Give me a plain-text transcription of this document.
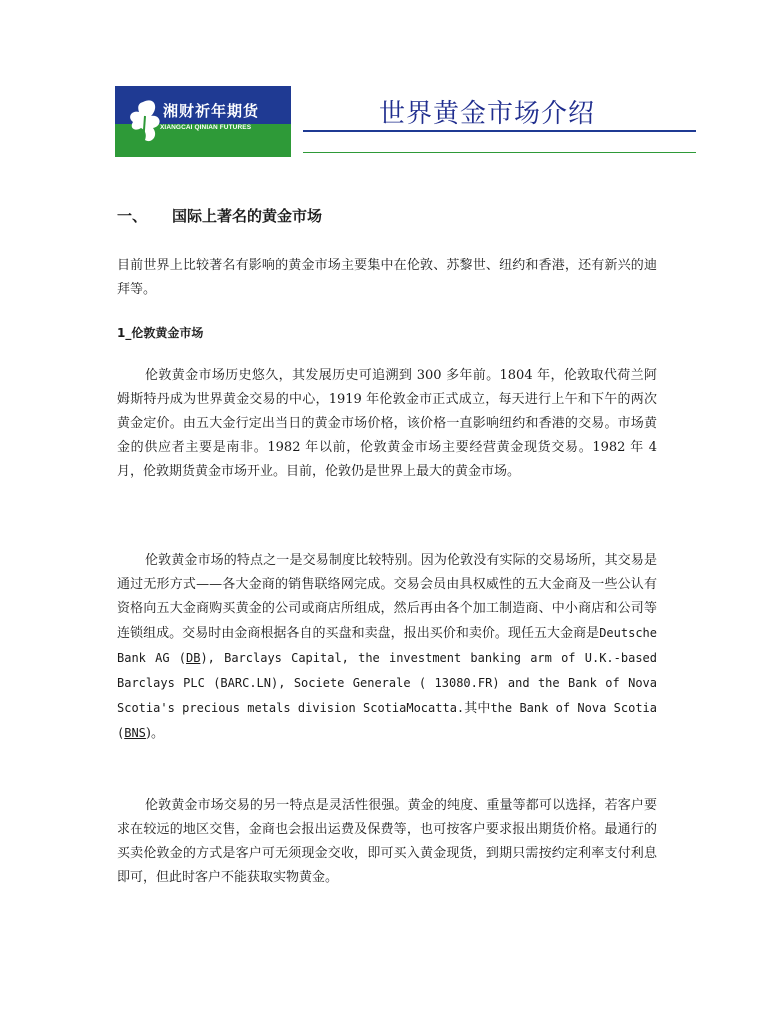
湘财祈年期货
XIANGCAI QINIAN FUTURES	世界黄金市场介绍
一、 国际上著名的黄金市场

目前世界上比较著名有影响的黄金市场主要集中在伦敦、苏黎世、纽约和香港，还有新兴的迪拜等。

1_伦敦黄金市场

伦敦黄金市场历史悠久，其发展历史可追溯到 300 多年前。1804 年，伦敦取代荷兰阿姆斯特丹成为世界黄金交易的中心，1919 年伦敦金市正式成立，每天进行上午和下午的两次黄金定价。由五大金行定出当日的黄金市场价格，该价格一直影响纽约和香港的交易。市场黄金的供应者主要是南非。1982 年以前，伦敦黄金市场主要经营黄金现货交易。1982 年 4 月，伦敦期货黄金市场开业。目前，伦敦仍是世界上最大的黄金市场。

伦敦黄金市场的特点之一是交易制度比较特别。因为伦敦没有实际的交易场所，其交易是通过无形方式——各大金商的销售联络网完成。交易会员由具权威性的五大金商及一些公认有资格向五大金商购买黄金的公司或商店所组成，然后再由各个加工制造商、中小商店和公司等连锁组成。交易时由金商根据各自的买盘和卖盘，报出买价和卖价。现任五大金商是Deutsche Bank AG (DB), Barclays Capital, the investment banking arm of U.K.-based Barclays PLC (BARC.LN), Societe Generale ( 13080.FR) and the Bank of Nova Scotia's precious metals division ScotiaMocatta.其中the Bank of Nova Scotia (BNS)。

伦敦黄金市场交易的另一特点是灵活性很强。黄金的纯度、重量等都可以选择，若客户要求在较远的地区交售，金商也会报出运费及保费等，也可按客户要求报出期货价格。最通行的买卖伦敦金的方式是客户可无须现金交收，即可买入黄金现货，到期只需按约定利率支付利息即可，但此时客户不能获取实物黄金。
